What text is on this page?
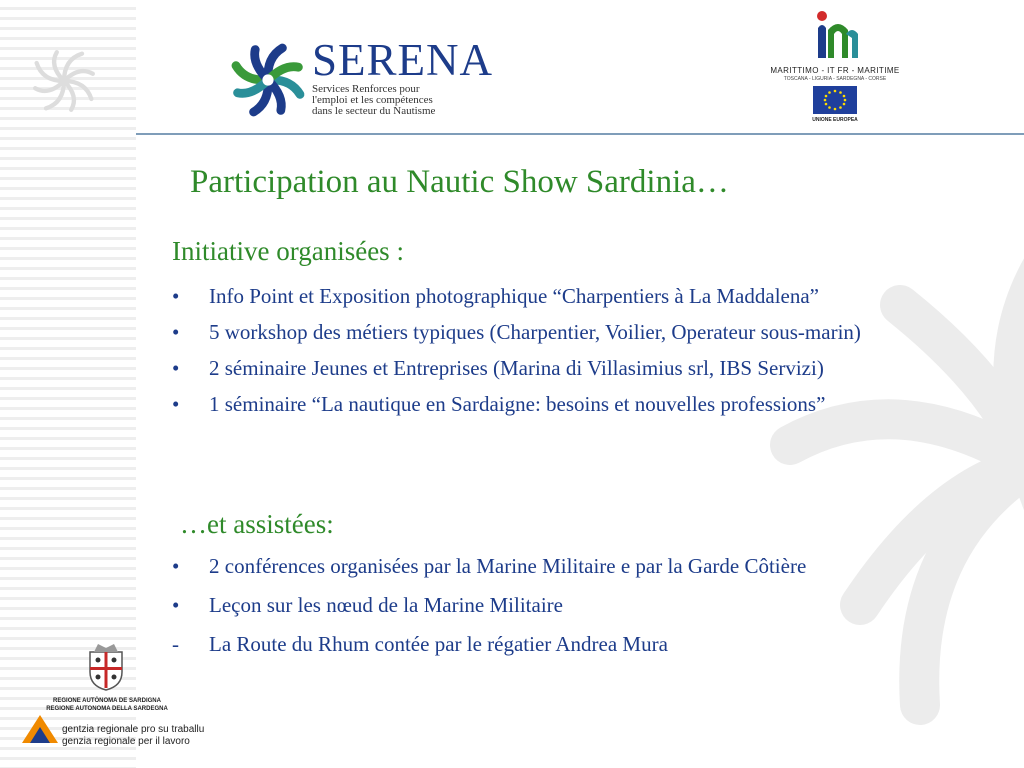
SERENA
Services Renforces pour
l'emploi et les compétences
dans le secteur du Nautisme
MARITTIMO - IT FR - MARITIME
TOSCANA - LIGURIA - SARDEGNA - CORSE
UNIONE EUROPEA
Participation au Nautic Show Sardinia…
Initiative organisées :
• Info Point et Exposition photographique “Charpentiers à La Maddalena”
• 5 workshop des métiers typiques (Charpentier, Voilier, Operateur sous-marin)
• 2 séminaire Jeunes et Entreprises (Marina di Villasimius srl, IBS Servizi)
• 1 séminaire “La nautique en Sardaigne: besoins et nouvelles professions”
…et assistées:
• 2 conférences organisées par la Marine Militaire e par la Garde Côtière
• Leçon sur les nœud de la Marine Militaire
- La Route du Rhum contée par le régatier Andrea Mura
REGIONE AUTÒNOMA DE SARDIGNA
REGIONE AUTONOMA DELLA SARDEGNA
gentzia regionale pro su traballu
genzia regionale per il lavoro
